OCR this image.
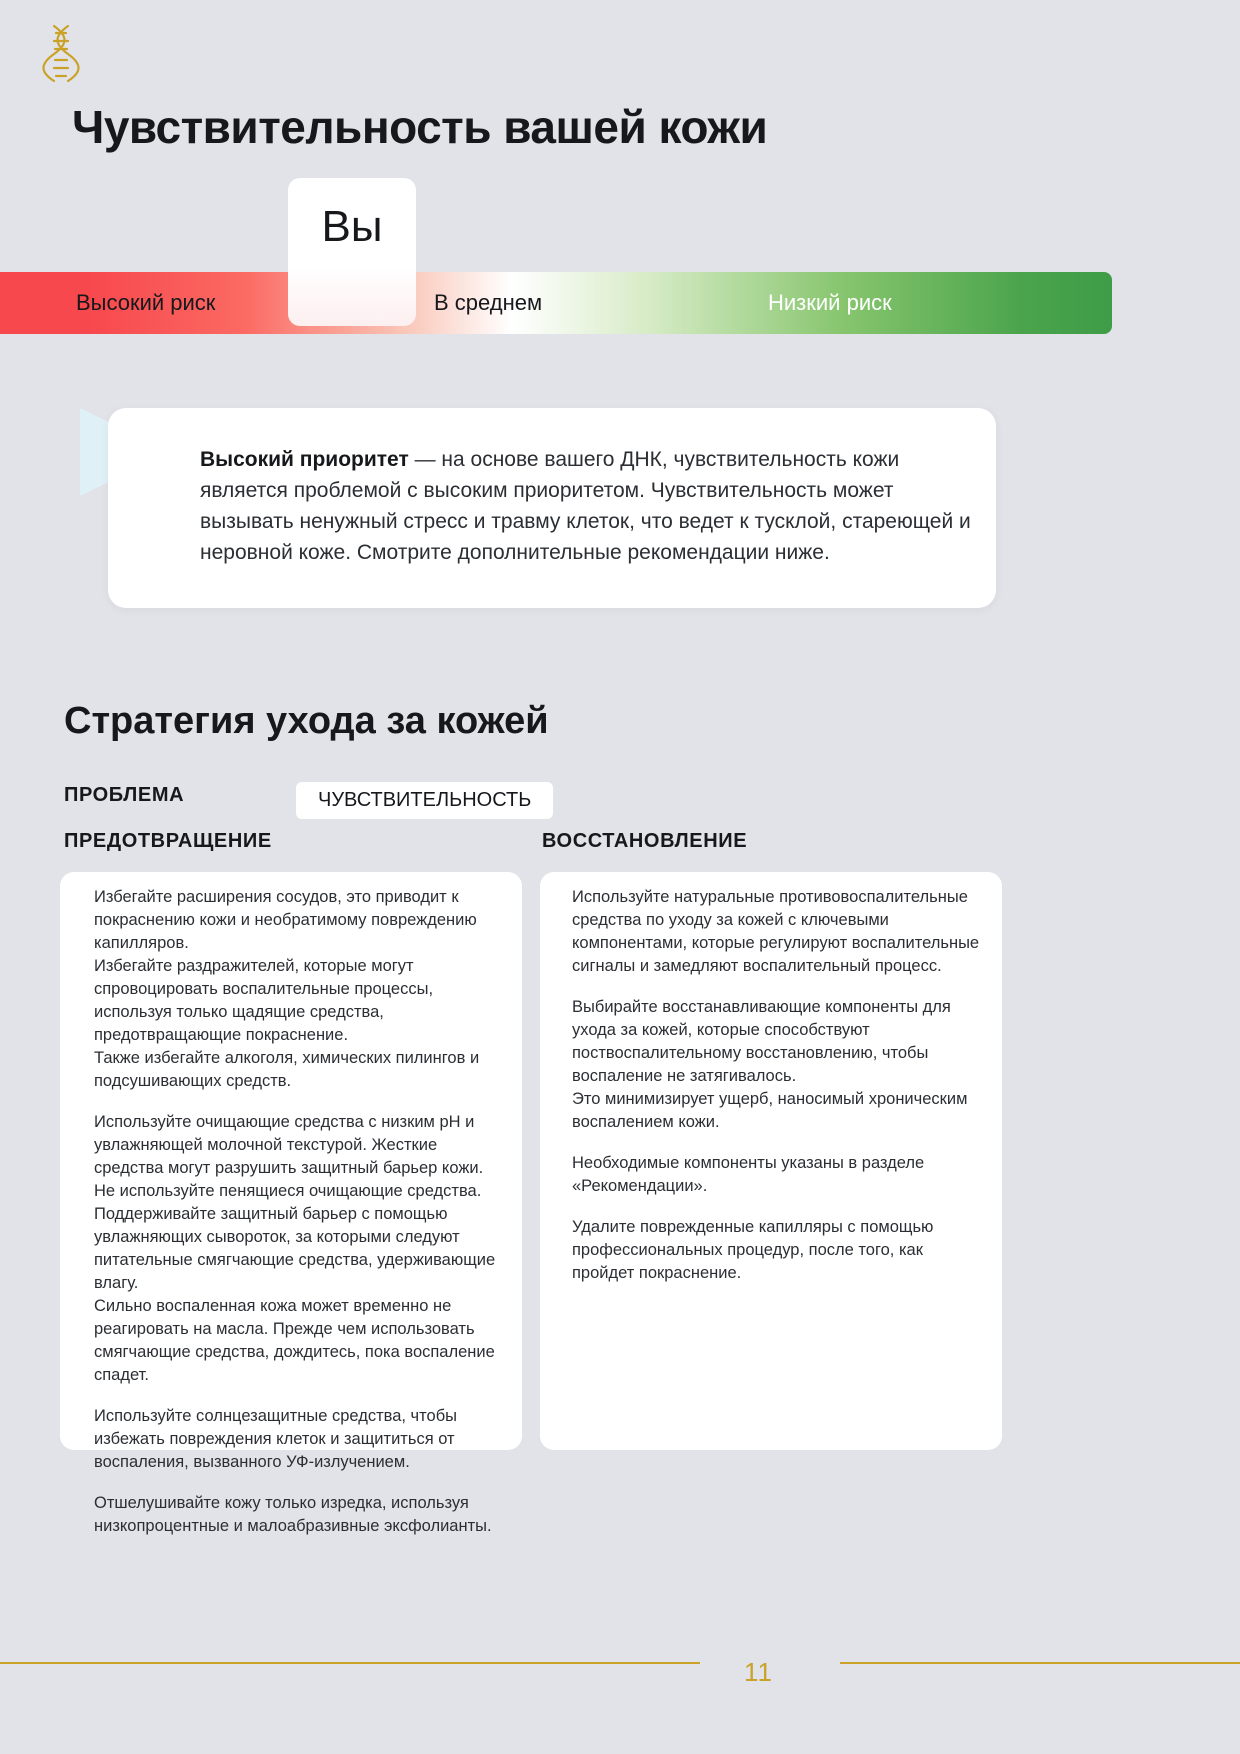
Чувствительность вашей кожи
Высокий риск	В среднем	Низкий риск
Вы
Высокий приоритет — на основе вашего ДНК, чувствительность кожи является проблемой с высоким приоритетом. Чувствительность может вызывать ненужный стресс и травму клеток, что ведет к тусклой, стареющей и неровной коже. Смотрите дополнительные рекомендации ниже.
Стратегия ухода за кожей
ПРОБЛЕМА	ЧУВСТВИТЕЛЬНОСТЬ
ПРЕДОТВРАЩЕНИЕ	ВОССТАНОВЛЕНИЕ

Избегайте расширения сосудов, это приводит к покраснению кожи и необратимому повреждению капилляров.
Избегайте раздражителей, которые могут спровоцировать воспалительные процессы, используя только щадящие средства, предотвращающие покраснение.
Также избегайте алкоголя, химических пилингов и подсушивающих средств.

Используйте очищающие средства с низким pH и увлажняющей молочной текстурой. Жесткие средства могут разрушить защитный барьер кожи. Не используйте пенящиеся очищающие средства. Поддерживайте защитный барьер с помощью увлажняющих сывороток, за которыми следуют питательные смягчающие средства, удерживающие влагу.
Сильно воспаленная кожа может временно не реагировать на масла. Прежде чем использовать смягчающие средства, дождитесь, пока воспаление спадет.

Используйте солнцезащитные средства, чтобы избежать повреждения клеток и защититься от воспаления, вызванного УФ-излучением.

Отшелушивайте кожу только изредка, используя низкопроцентные и малоабразивные эксфолианты.

Используйте натуральные противовоспалительные средства по уходу за кожей с ключевыми компонентами, которые регулируют воспалительные сигналы и замедляют воспалительный процесс.

Выбирайте восстанавливающие компоненты для ухода за кожей, которые способствуют поствоспалительному восстановлению, чтобы воспаление не затягивалось.
Это минимизирует ущерб, наносимый хроническим воспалением кожи.

Необходимые компоненты указаны в разделе «Рекомендации».

Удалите поврежденные капилляры с помощью профессиональных процедур, после того, как пройдет покраснение.

11
